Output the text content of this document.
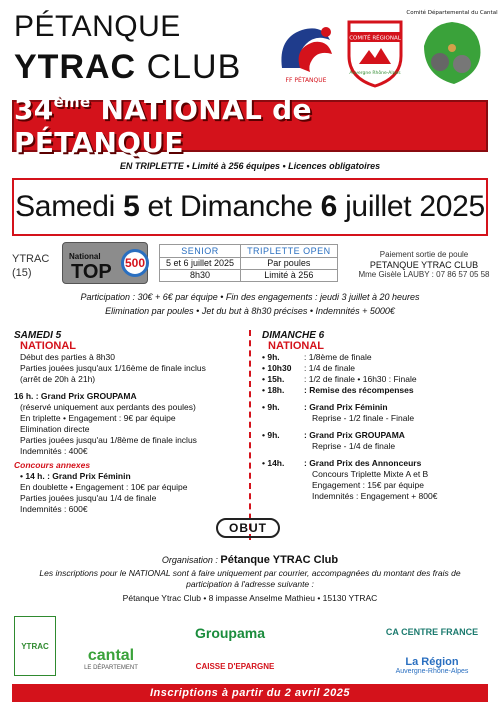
PÉTANQUE
YTRAC CLUB	FF PÉTANQUE
COMITÉ RÉGIONAL
Auvergne Rhône-Alpes
Comité Départemental du Cantal
34ème NATIONAL de PÉTANQUE
EN TRIPLETTE • Limité à 256 équipes • Licences obligatoires
Samedi 5 et Dimanche 6 juillet 2025
YTRAC
(15)
National
TOP	500
SENIOR	TRIPLETTE OPEN
5 et 6 juillet 2025	Par poules
8h30	Limité à 256
Paiement sortie de poule
PETANQUE YTRAC CLUB
Mme Gisèle LAUBY : 07 86 57 05 58
Participation : 30€ + 6€ par équipe • Fin des engagements : jeudi 3 juillet à 20 heures
Elimination par poules • Jet du but à 8h30 précises • Indemnités + 5000€
SAMEDI 5
NATIONAL
Début des parties à 8h30
Parties jouées jusqu'aux 1/16ème de finale inclus
(arrêt de 20h à 21h)
16 h. : Grand Prix GROUPAMA
(réservé uniquement aux perdants des poules)
En triplette • Engagement : 9€ par équipe
Elimination directe
Parties jouées jusqu'au 1/8ème de finale inclus
Indemnités : 400€
Concours annexes
• 14 h. : Grand Prix Féminin
En doublette • Engagement : 10€ par équipe
Parties jouées jusqu'au 1/4 de finale
Indemnités : 600€
DIMANCHE 6
NATIONAL
• 9h.	: 1/8ème de finale
• 10h30	: 1/4 de finale
• 15h.	: 1/2 de finale • 16h30 : Finale
• 18h.	: Remise des récompenses
• 9h.	: Grand Prix Féminin
Reprise - 1/2 finale - Finale
• 9h.	: Grand Prix GROUPAMA
Reprise - 1/4 de finale
• 14h.	: Grand Prix des Annonceurs
Concours Triplette Mixte A et B
Engagement : 15€ par équipe
Indemnités : Engagement + 800€
OBUT
Organisation : Pétanque YTRAC Club
Les inscriptions pour le NATIONAL sont à faire uniquement par courrier, accompagnées du montant des frais de participation à l'adresse suivante :
Pétanque Ytrac Club • 8 impasse Anselme Mathieu • 15130 YTRAC
YTRAC
cantal
LE DÉPARTEMENT
Groupama
CAISSE D'EPARGNE
CA CENTRE FRANCE
La Région
Auvergne-Rhône-Alpes
Inscriptions à partir du 2 avril 2025
